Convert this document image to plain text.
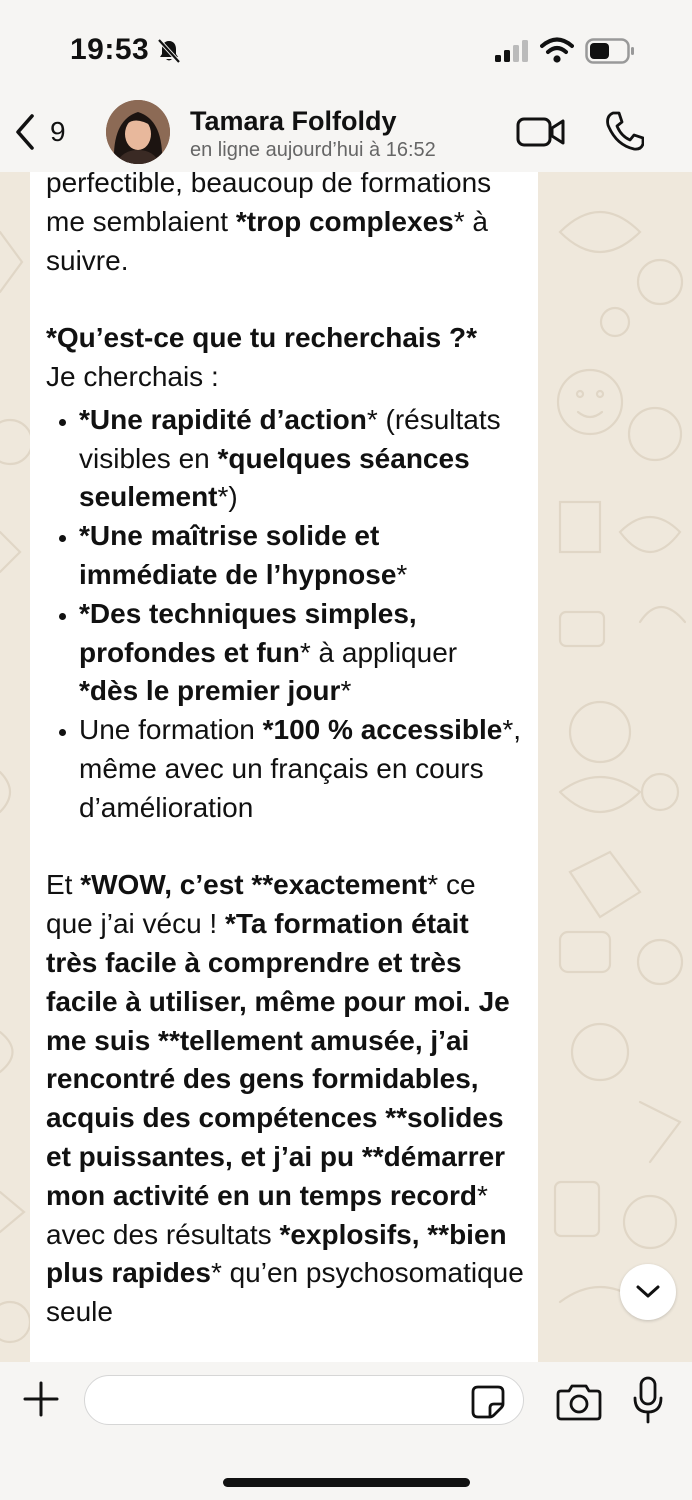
19:53
9	Tamara Folfoldy
en ligne aujourd’hui à 16:52

perfectible, beaucoup de formations me semblaient *trop complexes* à suivre.

*Qu’est-ce que tu recherchais ?*

Je cherchais :

• *Une rapidité d’action* (résultats visibles en *quelques séances seulement*)
• *Une maîtrise solide et immédiate de l’hypnose*
• *Des techniques simples, profondes et fun* à appliquer *dès le premier jour*
• Une formation *100 % accessible*, même avec un français en cours d’amélioration

Et *WOW, c’est **exactement* ce que j’ai vécu ! *Ta formation était très facile à comprendre et très facile à utiliser, même pour moi. Je me suis **tellement amusée, j’ai rencontré des gens formidables, acquis des compétences **solides et puissantes, et j’ai pu **démarrer mon activité en un temps record* avec des résultats *explosifs, **bien plus rapides* qu’en psychosomatique seule
